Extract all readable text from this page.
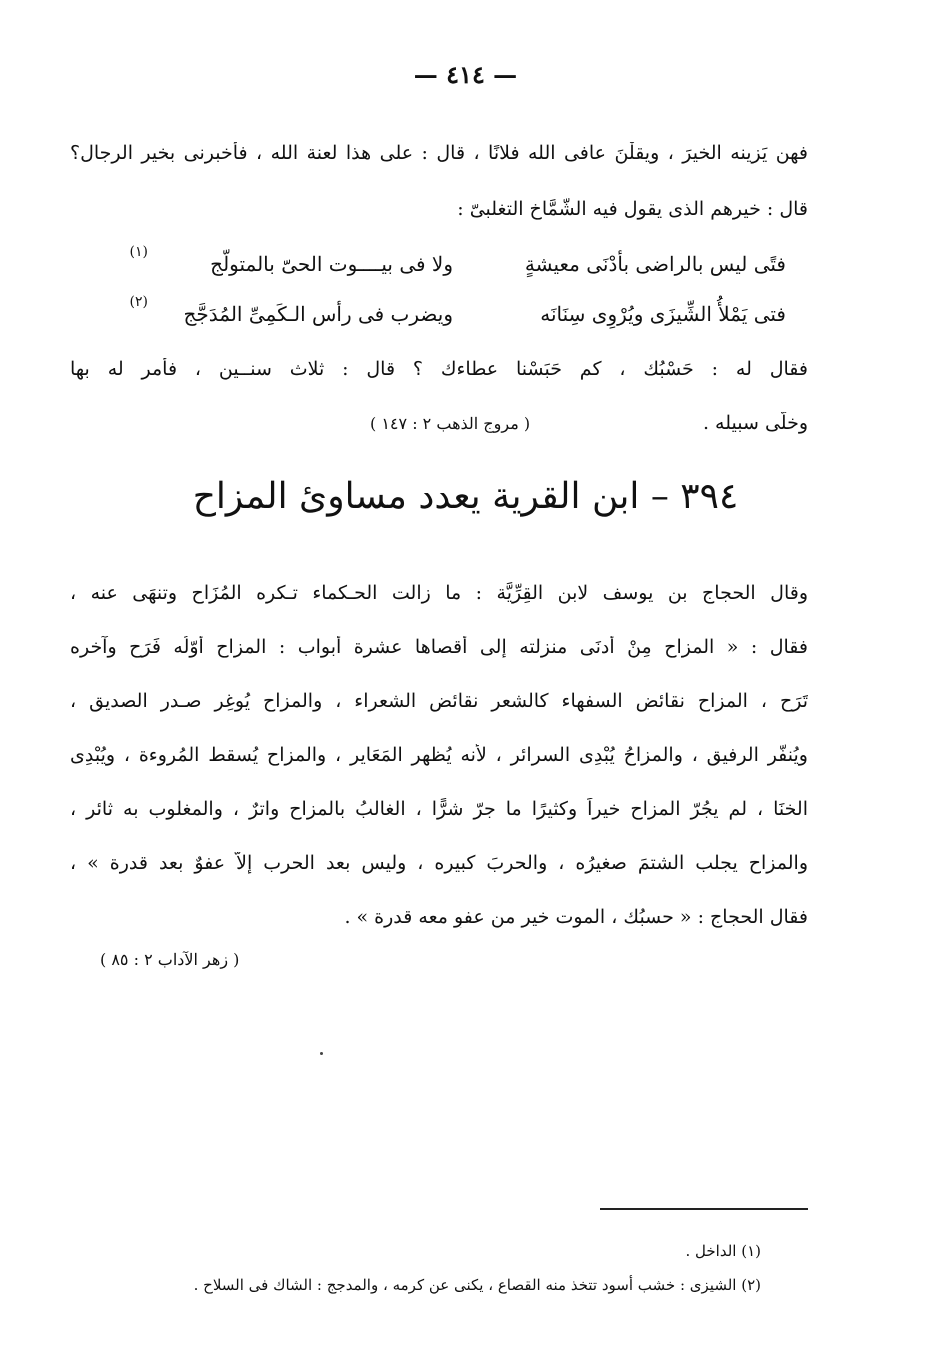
— ٤١٤ —
فهن يَزينه الخيرَ ، ويقلْنَ عافى الله فلانًا ، قال : على هذا لعنة الله ، فأخبرنى بخير الرجال؟
قال : خيرهم الذى يقول فيه الشَّمَّاخ التغلبىّ :
فتًى ليس بالراضى بأدْنَى معيشةٍ
ولا فى بيــــوت الحىّ بالمتولّج
(١)
فتى يَمْلأُ الشِّيزَى ويُرْوِى سِنَانَه
ويضرب فى رأس الـكَمِىِّ المُدَجَّج
(٢)
فقال له : حَسْبُك ، كم حَبَسْنا عطاءك ؟ قال : ثلاث سنــين ، فأمر له بها
وخلّى سبيله .
( مروج الذهب ٢ : ١٤٧ )
٣٩٤ – ابن القرية يعدد مساوئ المزاح
وقال الحجاج بن يوسف لابن القِرِّيَّة : ما زالت الحـكماء تـكره المُزَاح وتنهَى عنه ،
فقال : « المزاح مِنْ أدنَى منزلته إلى أقصاها عشرة أبواب : المزاح أوّلُه فَرَح وآخره
تَرَح ، المزاح نقائض السفهاء كالشعر نقائض الشعراء ، والمزاح يُوغِر صـدر الصديق ،
ويُنفّر الرفيق ، والمزاحُ يُبْدِى السرائر ، لأنه يُظهر المَعَاير ، والمزاح يُسقط المُروءة ، ويُبْدِى
الخنَا ، لم يجُرّ المزاح خيراً وكثيرًا ما جرّ شرًّا ، الغالبُ بالمزاح واترٌ ، والمغلوب به ثائر ،
والمزاح يجلب الشتمَ صغيرُه ، والحربَ كبيره ، وليس بعد الحرب إلاّ عفوٌ بعد قدرة » ،
فقال الحجاج : « حسبُك ، الموت خير من عفوٍ معه قدرة » .
( زهر الآداب ٢ : ٨٥ )
(١) الداخل .
(٢) الشيزى : خشب أسود تتخذ منه القصاع ، يكنى عن كرمه ، والمدجج : الشاك فى السلاح .
